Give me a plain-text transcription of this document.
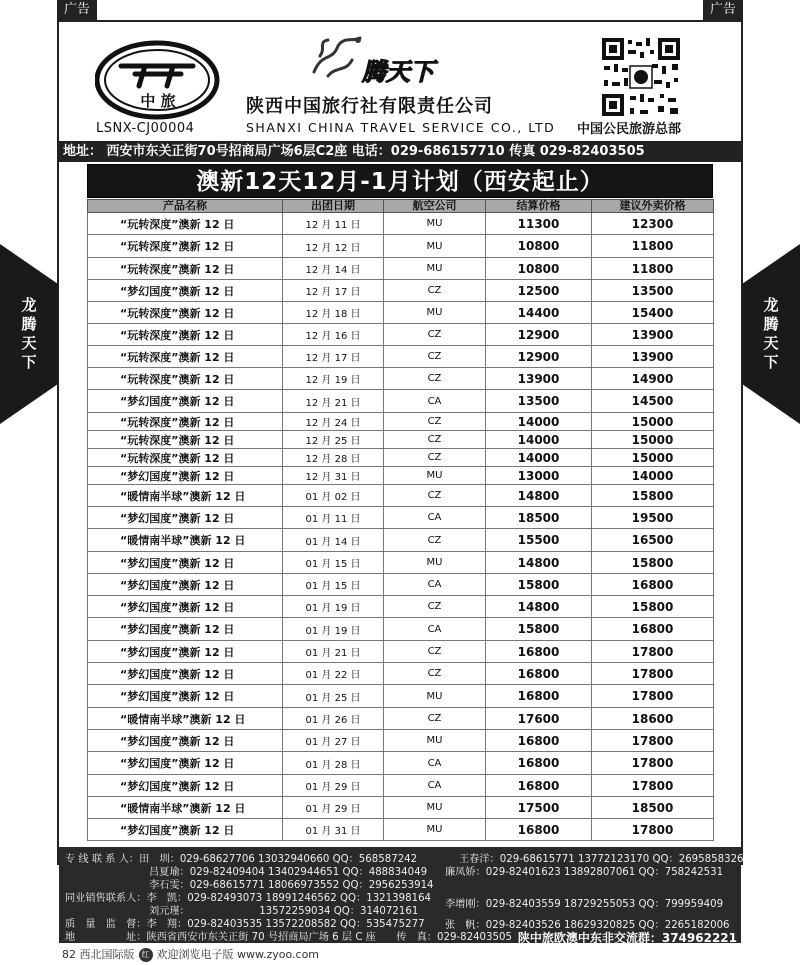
广告	广告
龙
腾
天
下
龙
腾
天
下
中 旅
LSNX-CJ00004
腾天下
陕西中国旅行社有限责任公司
SHANXI CHINA TRAVEL SERVICE CO., LTD 中国公民旅游总部
地址： 西安市东关正街70号招商局广场6层C2座 电话：029-686157710 传真 029-82403505
澳新12天12月-1月计划（西安起止）
产品名称	出团日期	航空公司	结算价格	建议外卖价格
“玩转深度”澳新 12 日	12 月 11 日	MU	11300	12300
“玩转深度”澳新 12 日	12 月 12 日	MU	10800	11800
“玩转深度”澳新 12 日	12 月 14 日	MU	10800	11800
“梦幻国度”澳新 12 日	12 月 17 日	CZ	12500	13500
“玩转深度”澳新 12 日	12 月 18 日	MU	14400	15400
“玩转深度”澳新 12 日	12 月 16 日	CZ	12900	13900
“玩转深度”澳新 12 日	12 月 17 日	CZ	12900	13900
“玩转深度”澳新 12 日	12 月 19 日	CZ	13900	14900
“梦幻国度”澳新 12 日	12 月 21 日	CA	13500	14500
“玩转深度”澳新 12 日	12 月 24 日	CZ	14000	15000
“玩转深度”澳新 12 日	12 月 25 日	CZ	14000	15000
“玩转深度”澳新 12 日	12 月 28 日	CZ	14000	15000
“梦幻国度”澳新 12 日	12 月 31 日	MU	13000	14000
“暖情南半球”澳新 12 日	01 月 02 日	CZ	14800	15800
“梦幻国度”澳新 12 日	01 月 11 日	CA	18500	19500
“暖情南半球”澳新 12 日	01 月 14 日	CZ	15500	16500
“梦幻国度”澳新 12 日	01 月 15 日	MU	14800	15800
“梦幻国度”澳新 12 日	01 月 15 日	CA	15800	16800
“梦幻国度”澳新 12 日	01 月 19 日	CZ	14800	15800
“梦幻国度”澳新 12 日	01 月 19 日	CA	15800	16800
“梦幻国度”澳新 12 日	01 月 21 日	CZ	16800	17800
“梦幻国度”澳新 12 日	01 月 22 日	CZ	16800	17800
“梦幻国度”澳新 12 日	01 月 25 日	MU	16800	17800
“暖情南半球”澳新 12 日	01 月 26 日	CZ	17600	18600
“梦幻国度”澳新 12 日	01 月 27 日	MU	16800	17800
“梦幻国度”澳新 12 日	01 月 28 日	CA	16800	17800
“梦幻国度”澳新 12 日	01 月 29 日	CA	16800	17800
“暖情南半球”澳新 12 日	01 月 29 日	MU	17500	18500
“梦幻国度”澳新 12 日	01 月 31 日	MU	16800	17800
专 线 联 系 人：田　圳：029-68627706 13032940660 QQ：568587242
吕夏瑜：029-82409404 13402944651 QQ：488834049
李石雯：029-68615771 18066973552 QQ：2956253914
同业销售联系人：李　凯：029-82493073 18991246562 QQ：1321398164
刘元瑾：　　　　　　　 13572259034 QQ：314072161
质　量　监　督：李　翔：029-82403535 13572208582 QQ：535475277
地　　　　　址：陕西省西安市东关正街 70 号招商局广场 6 层 C 座　　传　真：029-82403505
王春洋：029-68615771 13772123170 QQ：2695858326
廉凤娇：029-82401623 13892807061 QQ：758242531
李增刚：029-82403559 18729255053 QQ：799959409
张　帆：029-82403526 18629320825 QQ：2265182006
陕中旅欧澳中东非交流群：374962221
82 西北国际版 红 欢迎浏览电子版 www.zyoo.com
